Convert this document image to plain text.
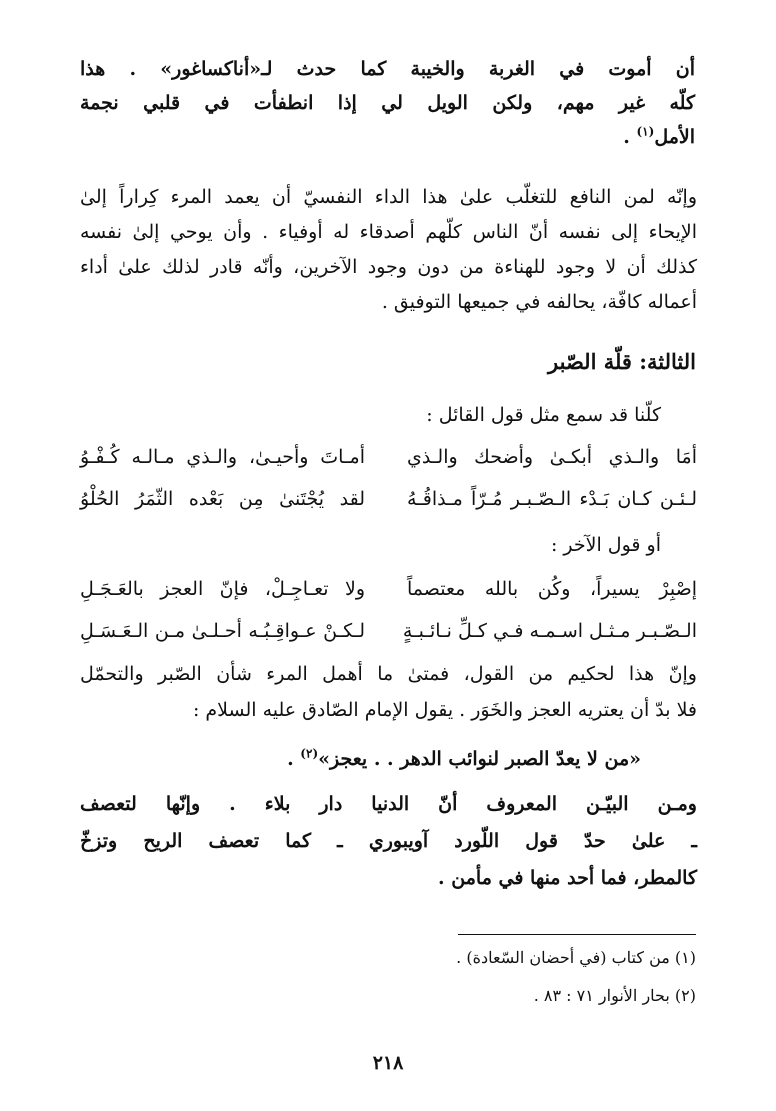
أن أموت في الغربة والخيبة كما حدث لـ«أناكساغور» . هذا
كلّه غير مهم، ولكن الويل لي إذا انطفأت في قلبي نجمة
الأمل$^{(١)}$ .
وإنّه لمن النافع للتغلّب علىٰ هذا الداء النفسيّ أن يعمد المرء كِراراً إلىٰ
الإيحاء إلى نفسه أنّ الناس كلّهم أصدقاء له أوفياء . وأن يوحي إلىٰ نفسه
كذلك أن لا وجود للهناءة من دون وجود الآخرين، وأنّه قادر لذلك علىٰ أداء
أعماله كافّة، يحالفه في جميعها التوفيق .
الثالثة: قلّة الصّبر
كلّنا قد سمع مثل قول القائل :
أمَا والـذي أبكـىٰ وأضحك والـذي
أمـاتَ وأحيـىٰ، والـذي مـالـه كُـفْـوُ
لـئـن كـان بَـدْء الـصّـبـر مُـرّاً مـذاقُـهُ
لقد يُجْتَنىٰ مِن بَعْده الثّمَرُ الحُلْوُ
أو قول الآخر :
إصْبِرْ يسيراً، وكُن بالله معتصماً
ولا تعـاجِـلْ، فإنّ العجز بالعَـجَـلِ
الـصّـبـر مـثـل اسـمـه فـي كـلِّ نـائـبـةٍ
لـكـنْ عـواقِـبُـه أحـلـىٰ مـن الـعَـسَـلِ
وإنّ هذا لحكيم من القول، فمتىٰ ما أهمل المرء شأن الصّبر والتحمّل
فلا بدّ أن يعتريه العجز والخَوَر . يقول الإمام الصّادق عليه السلام :
«من لا يعدّ الصبر لنوائب الدهر . . يعجز»$^{(٢)}$ .
ومـن البيّـن المعروف أنّ الدنيا دار بلاء . وإنّها لتعصف
ـ علىٰ حدّ قول اللّورد آويبوري ـ كما تعصف الريح وتزخّ
كالمطر، فما أحد منها في مأمن .
(١) من كتاب (في أحضان السّعادة) .
(٢) بحار الأنوار ٧١ : ٨٣ .
٢١٨
